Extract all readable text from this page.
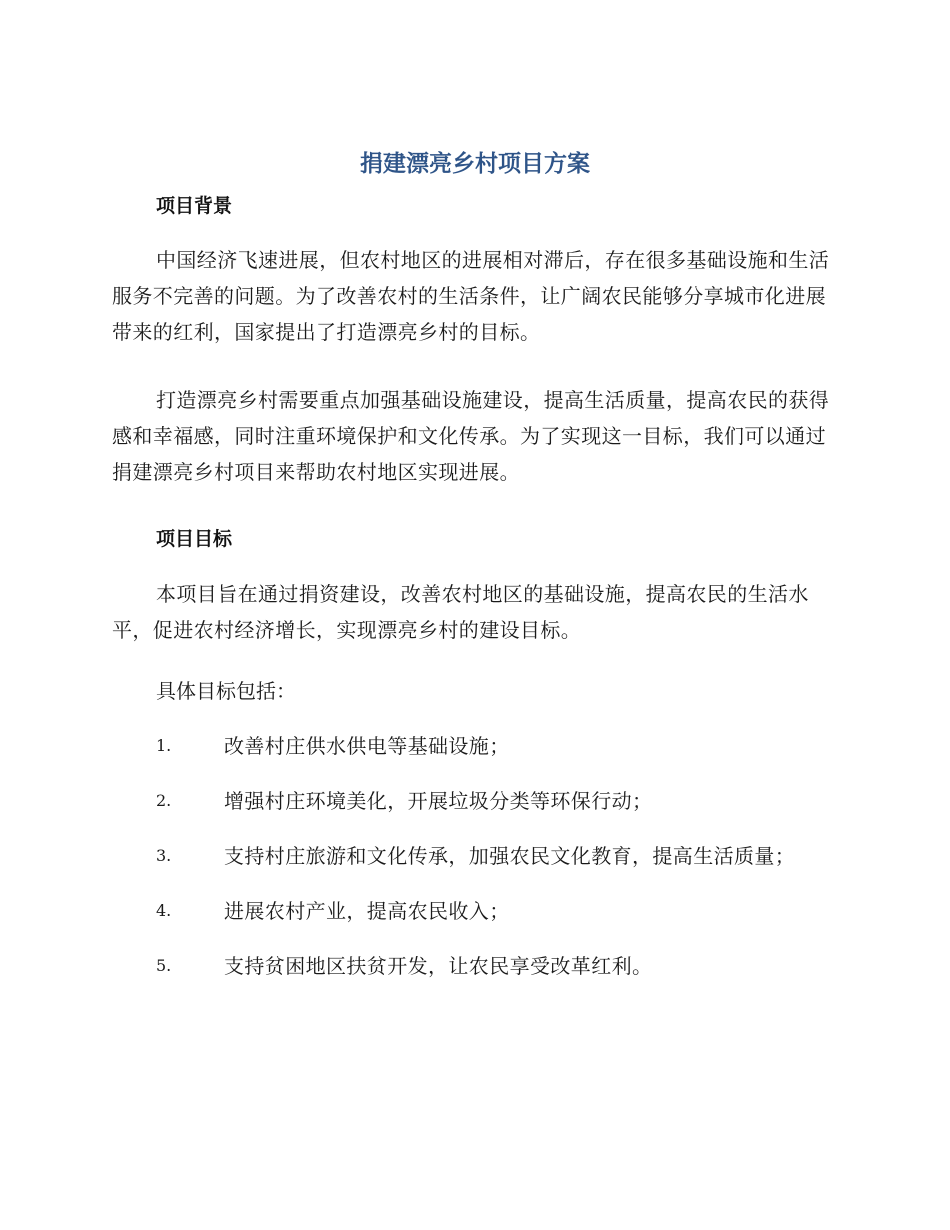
捐建漂亮乡村项目方案
项目背景

中国经济飞速进展，但农村地区的进展相对滞后，存在很多基础设施和生活服务不完善的问题。为了改善农村的生活条件，让广阔农民能够分享城市化进展带来的红利，国家提出了打造漂亮乡村的目标。

打造漂亮乡村需要重点加强基础设施建设，提高生活质量，提高农民的获得感和幸福感，同时注重环境保护和文化传承。为了实现这一目标，我们可以通过捐建漂亮乡村项目来帮助农村地区实现进展。

项目目标

本项目旨在通过捐资建设，改善农村地区的基础设施，提高农民的生活水平，促进农村经济增长，实现漂亮乡村的建设目标。

具体目标包括：

1.	改善村庄供水供电等基础设施；
2.	增强村庄环境美化，开展垃圾分类等环保行动；
3.	支持村庄旅游和文化传承，加强农民文化教育，提高生活质量；
4.	进展农村产业，提高农民收入；
5.	支持贫困地区扶贫开发，让农民享受改革红利。
